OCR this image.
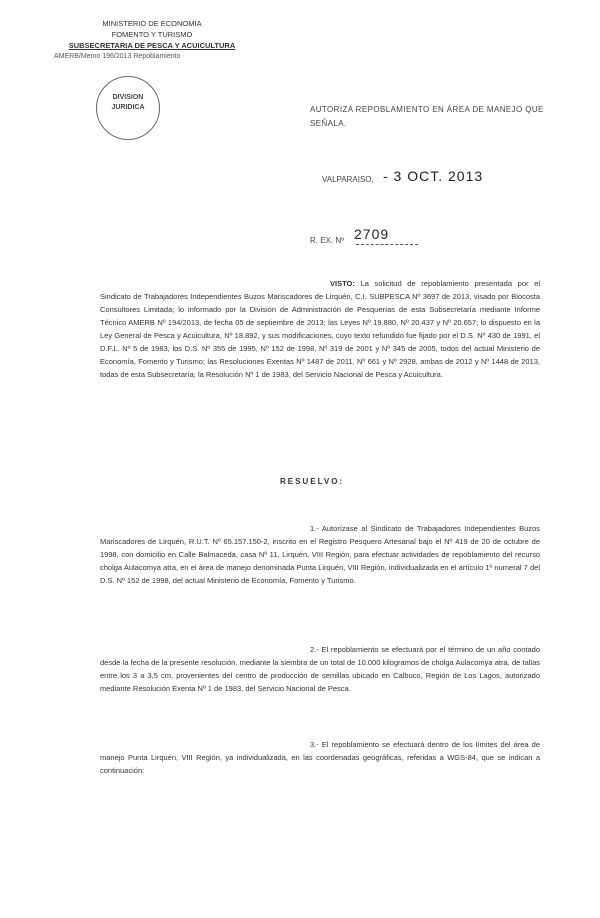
MINISTERIO DE ECONOMIA
FOMENTO Y TURISMO
SUBSECRETARIA DE PESCA Y ACUICULTURA
AMERB/Memo 196/2013 Repoblamiento
DIVISION
JURIDICA	AUTORIZA REPOBLAMIENTO EN ÁREA DE MANEJO QUE SEÑALA.
VALPARAISO, - 3 OCT. 2013
R. EX. Nº 2709
VISTO: La solicitud de repoblamiento presentada por el Sindicato de Trabajadores Independientes Buzos Mariscadores de Lirquén, C.I. SUBPESCA Nº 3697 de 2013, visado por Biocosta Consultores Limitada; lo informado por la División de Administración de Pesquerías de esta Subsecretaría mediante Informe Técnico AMERB Nº 194/2013, de fecha 05 de septiembre de 2013; las Leyes Nº 19.880, Nº 20.437 y Nº 20.657; lo dispuesto en la Ley General de Pesca y Acuicultura, Nº 18.892, y sus modificaciones, cuyo texto refundido fue fijado por el D.S. Nº 430 de 1991, el D.F.L. Nº 5 de 1983, los D.S. Nº 355 de 1995, Nº 152 de 1998, Nº 319 de 2001 y Nº 345 de 2005, todos del actual Ministerio de Economía, Fomento y Turismo; las Resoluciones Exentas Nº 1487 de 2011, Nº 661 y Nº 2928, ambas de 2012 y Nº 1448 de 2013, todas de esta Subsecretaría; la Resolución Nº 1 de 1983, del Servicio Nacional de Pesca y Acuicultura.
RESUELVO:
1.- Autorízase al Sindicato de Trabajadores Independientes Buzos Mariscadores de Lirquén, R.U.T. Nº 65.157.150-2, inscrito en el Registro Pesquero Artesanal bajo el Nº 419 de 20 de octubre de 1998, con domicilio en Calle Balmaceda, casa Nº 11, Lirquén, VIII Región, para efectuar actividades de repoblamiento del recurso cholga Aulacomya atra, en el área de manejo denominada Punta Lirquén, VIII Región, individualizada en el artículo 1º numeral 7 del D.S. Nº 152 de 1998, del actual Ministerio de Economía, Fomento y Turismo.
2.- El repoblamiento se efectuará por el término de un año contado desde la fecha de la presente resolución, mediante la siembra de un total de 10.000 kilogramos de cholga Aulacomya atra, de tallas entre los 3 a 3,5 cm, provenientes del centro de producción de semillas ubicado en Calbuco, Región de Los Lagos, autorizado mediante Resolución Exenta Nº 1 de 1983, del Servicio Nacional de Pesca.
3.- El repoblamiento se efectuará dentro de los límites del área de manejo Punta Lirquén, VIII Región, ya individualizada, en las coordenadas geográficas, referidas a WGS-84, que se indican a continuación:
